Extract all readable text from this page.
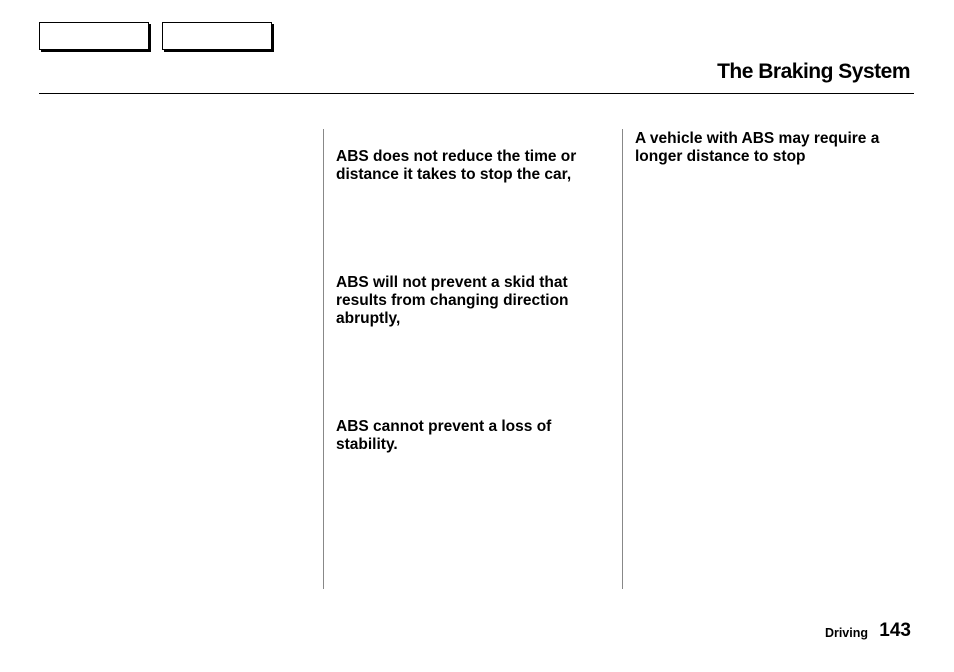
The Braking System
ABS does not reduce the time or
distance it takes to stop the car,
ABS will not prevent a skid that
results from changing direction
abruptly,
ABS cannot prevent a loss of
stability.
A vehicle with ABS may require a
longer distance to stop
Driving 143
